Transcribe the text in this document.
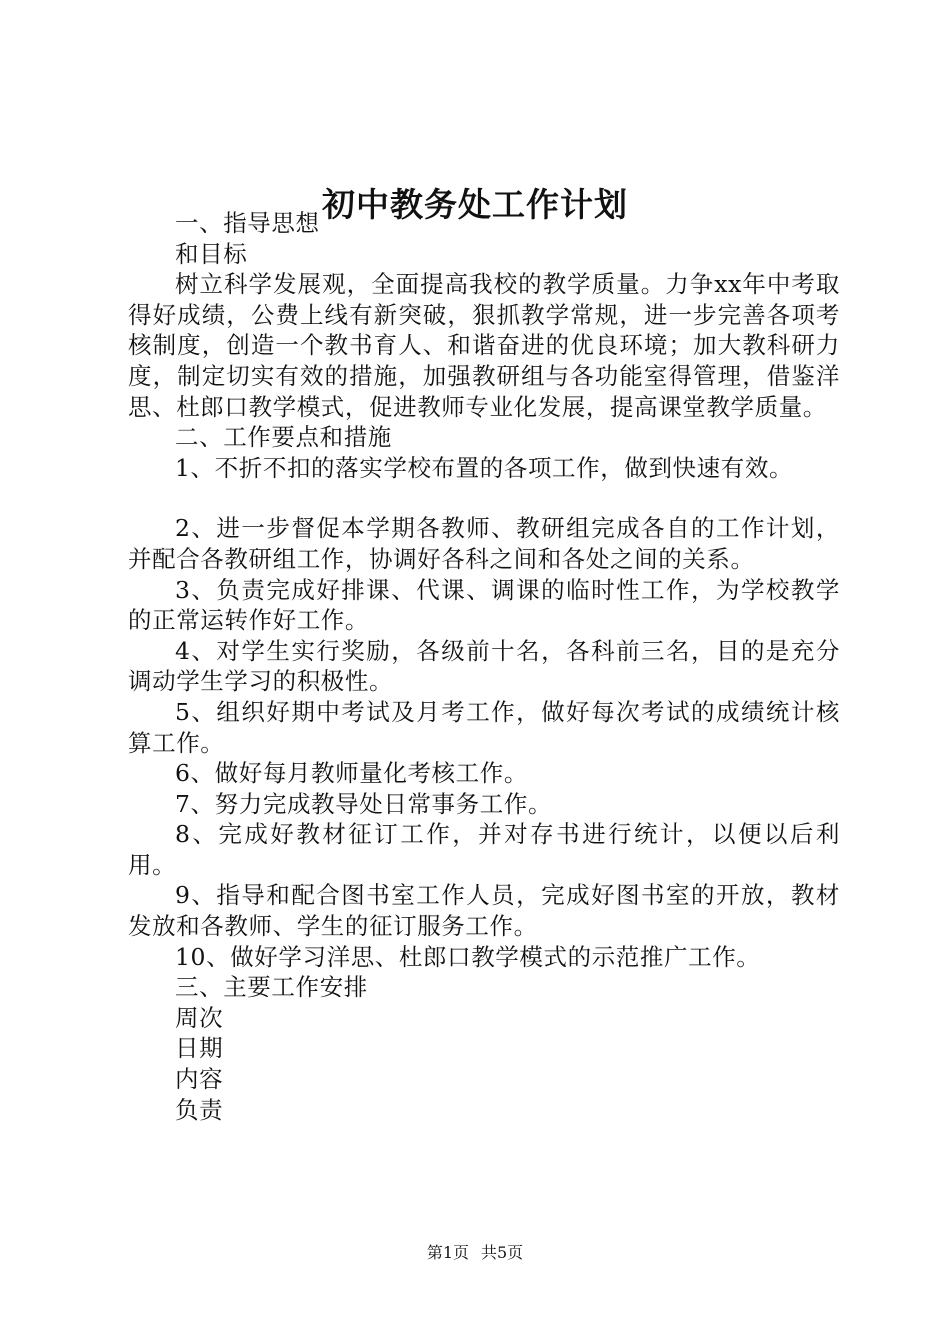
初中教务处工作计划

一、指导思想

和目标

树立科学发展观，全面提高我校的教学质量。力争xx年中考取得好成绩，公费上线有新突破，狠抓教学常规，进一步完善各项考核制度，创造一个教书育人、和谐奋进的优良环境；加大教科研力度，制定切实有效的措施，加强教研组与各功能室得管理，借鉴洋思、杜郎口教学模式，促进教师专业化发展，提高课堂教学质量。

二、工作要点和措施

1、不折不扣的落实学校布置的各项工作，做到快速有效。

2、进一步督促本学期各教师、教研组完成各自的工作计划，并配合各教研组工作，协调好各科之间和各处之间的关系。

3、负责完成好排课、代课、调课的临时性工作，为学校教学的正常运转作好工作。

4、对学生实行奖励，各级前十名，各科前三名，目的是充分调动学生学习的积极性。

5、组织好期中考试及月考工作，做好每次考试的成绩统计核算工作。

6、做好每月教师量化考核工作。

7、努力完成教导处日常事务工作。

8、完成好教材征订工作，并对存书进行统计，以便以后利用。

9、指导和配合图书室工作人员，完成好图书室的开放，教材发放和各教师、学生的征订服务工作。

10、做好学习洋思、杜郎口教学模式的示范推广工作。

三、主要工作安排

周次

日期

内容

负责

第1页 共5页
